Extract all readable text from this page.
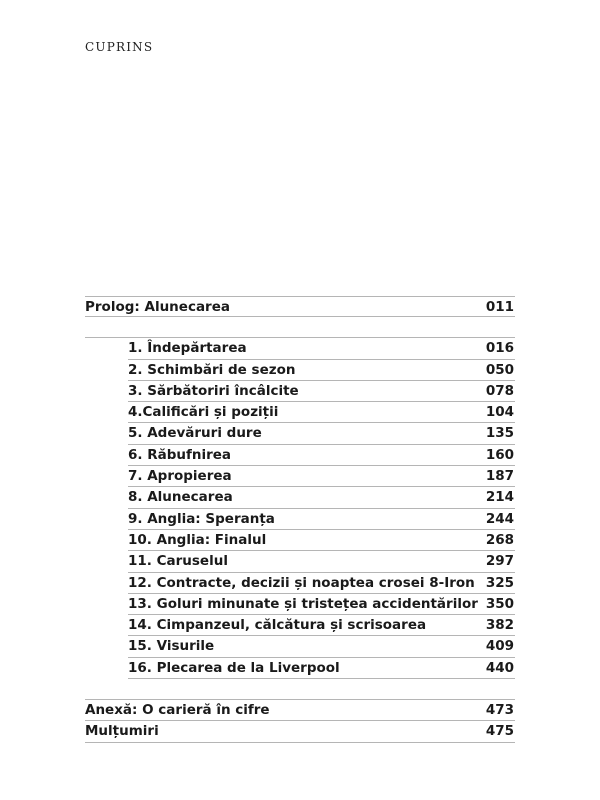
CUPRINS
Prolog: Alunecarea	011
1. Îndepărtarea	016
2. Schimbări de sezon	050
3. Sărbătoriri încâlcite	078
4.Calificări și poziții	104
5. Adevăruri dure	135
6. Răbufnirea	160
7. Apropierea	187
8. Alunecarea	214
9. Anglia: Speranța	244
10. Anglia: Finalul	268
11. Caruselul	297
12. Contracte, decizii și noaptea crosei 8-Iron 325
13. Goluri minunate și tristețea accidentărilor 350
14. Cimpanzeul, călcătura și scrisoarea	382
15. Visurile	409
16. Plecarea de la Liverpool	440
Anexă: O carieră în cifre	473
Mulțumiri	475
